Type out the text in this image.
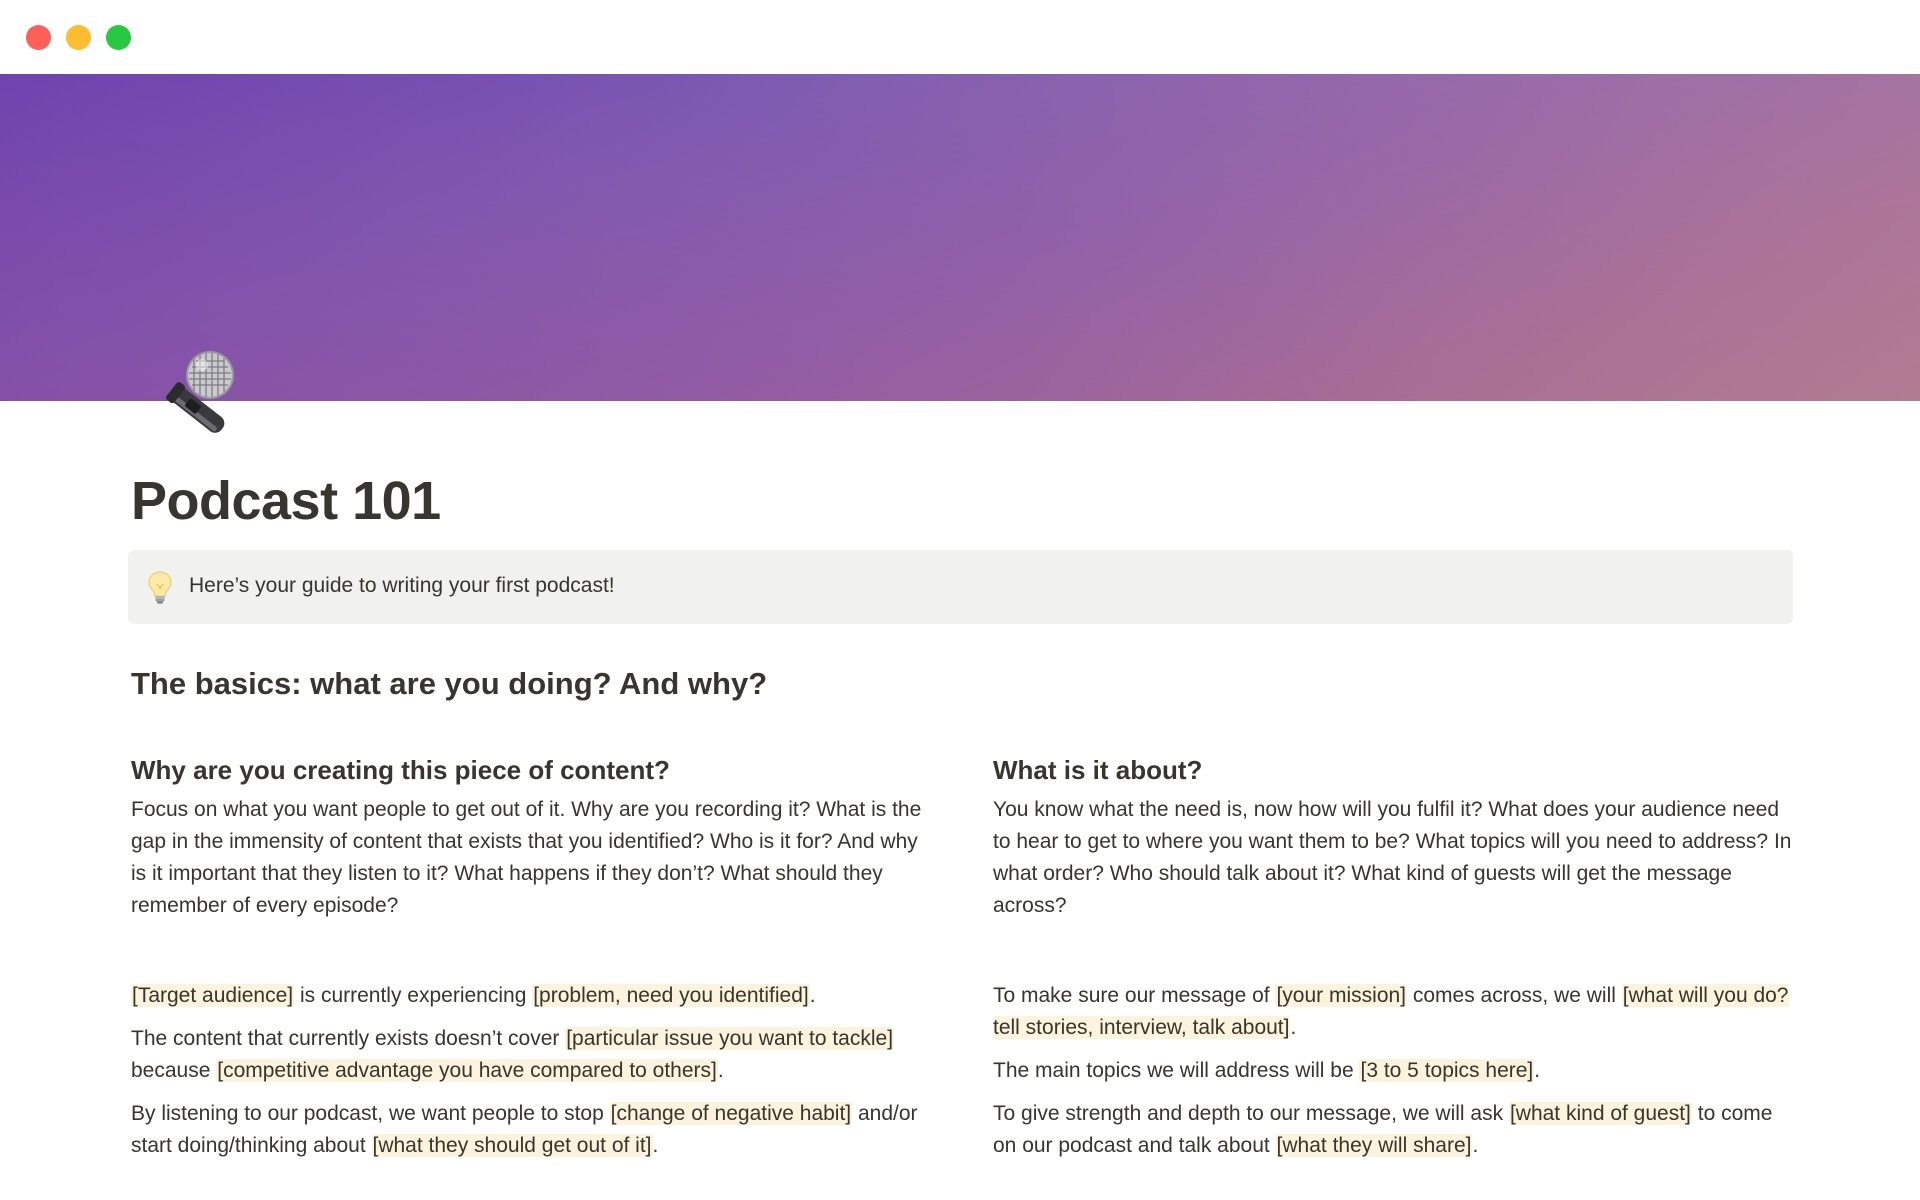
Podcast 101
Here’s your guide to writing your first podcast!
The basics: what are you doing? And why?
Why are you creating this piece of content?
Focus on what you want people to get out of it. Why are you recording it? What is the gap in the immensity of content that exists that you identified? Who is it for? And why is it important that they listen to it? What happens if they don’t? What should they remember of every episode?
[Target audience] is currently experiencing [problem, need you identified].
The content that currently exists doesn’t cover [particular issue you want to tackle] because [competitive advantage you have compared to others].
By listening to our podcast, we want people to stop [change of negative habit] and/or start doing/thinking about [what they should get out of it].
What is it about?
You know what the need is, now how will you fulfil it? What does your audience need to hear to get to where you want them to be? What topics will you need to address? In what order? Who should talk about it? What kind of guests will get the message across?
To make sure our message of [your mission] comes across, we will [what will you do? tell stories, interview, talk about].
The main topics we will address will be [3 to 5 topics here].
To give strength and depth to our message, we will ask [what kind of guest] to come on our podcast and talk about [what they will share].
